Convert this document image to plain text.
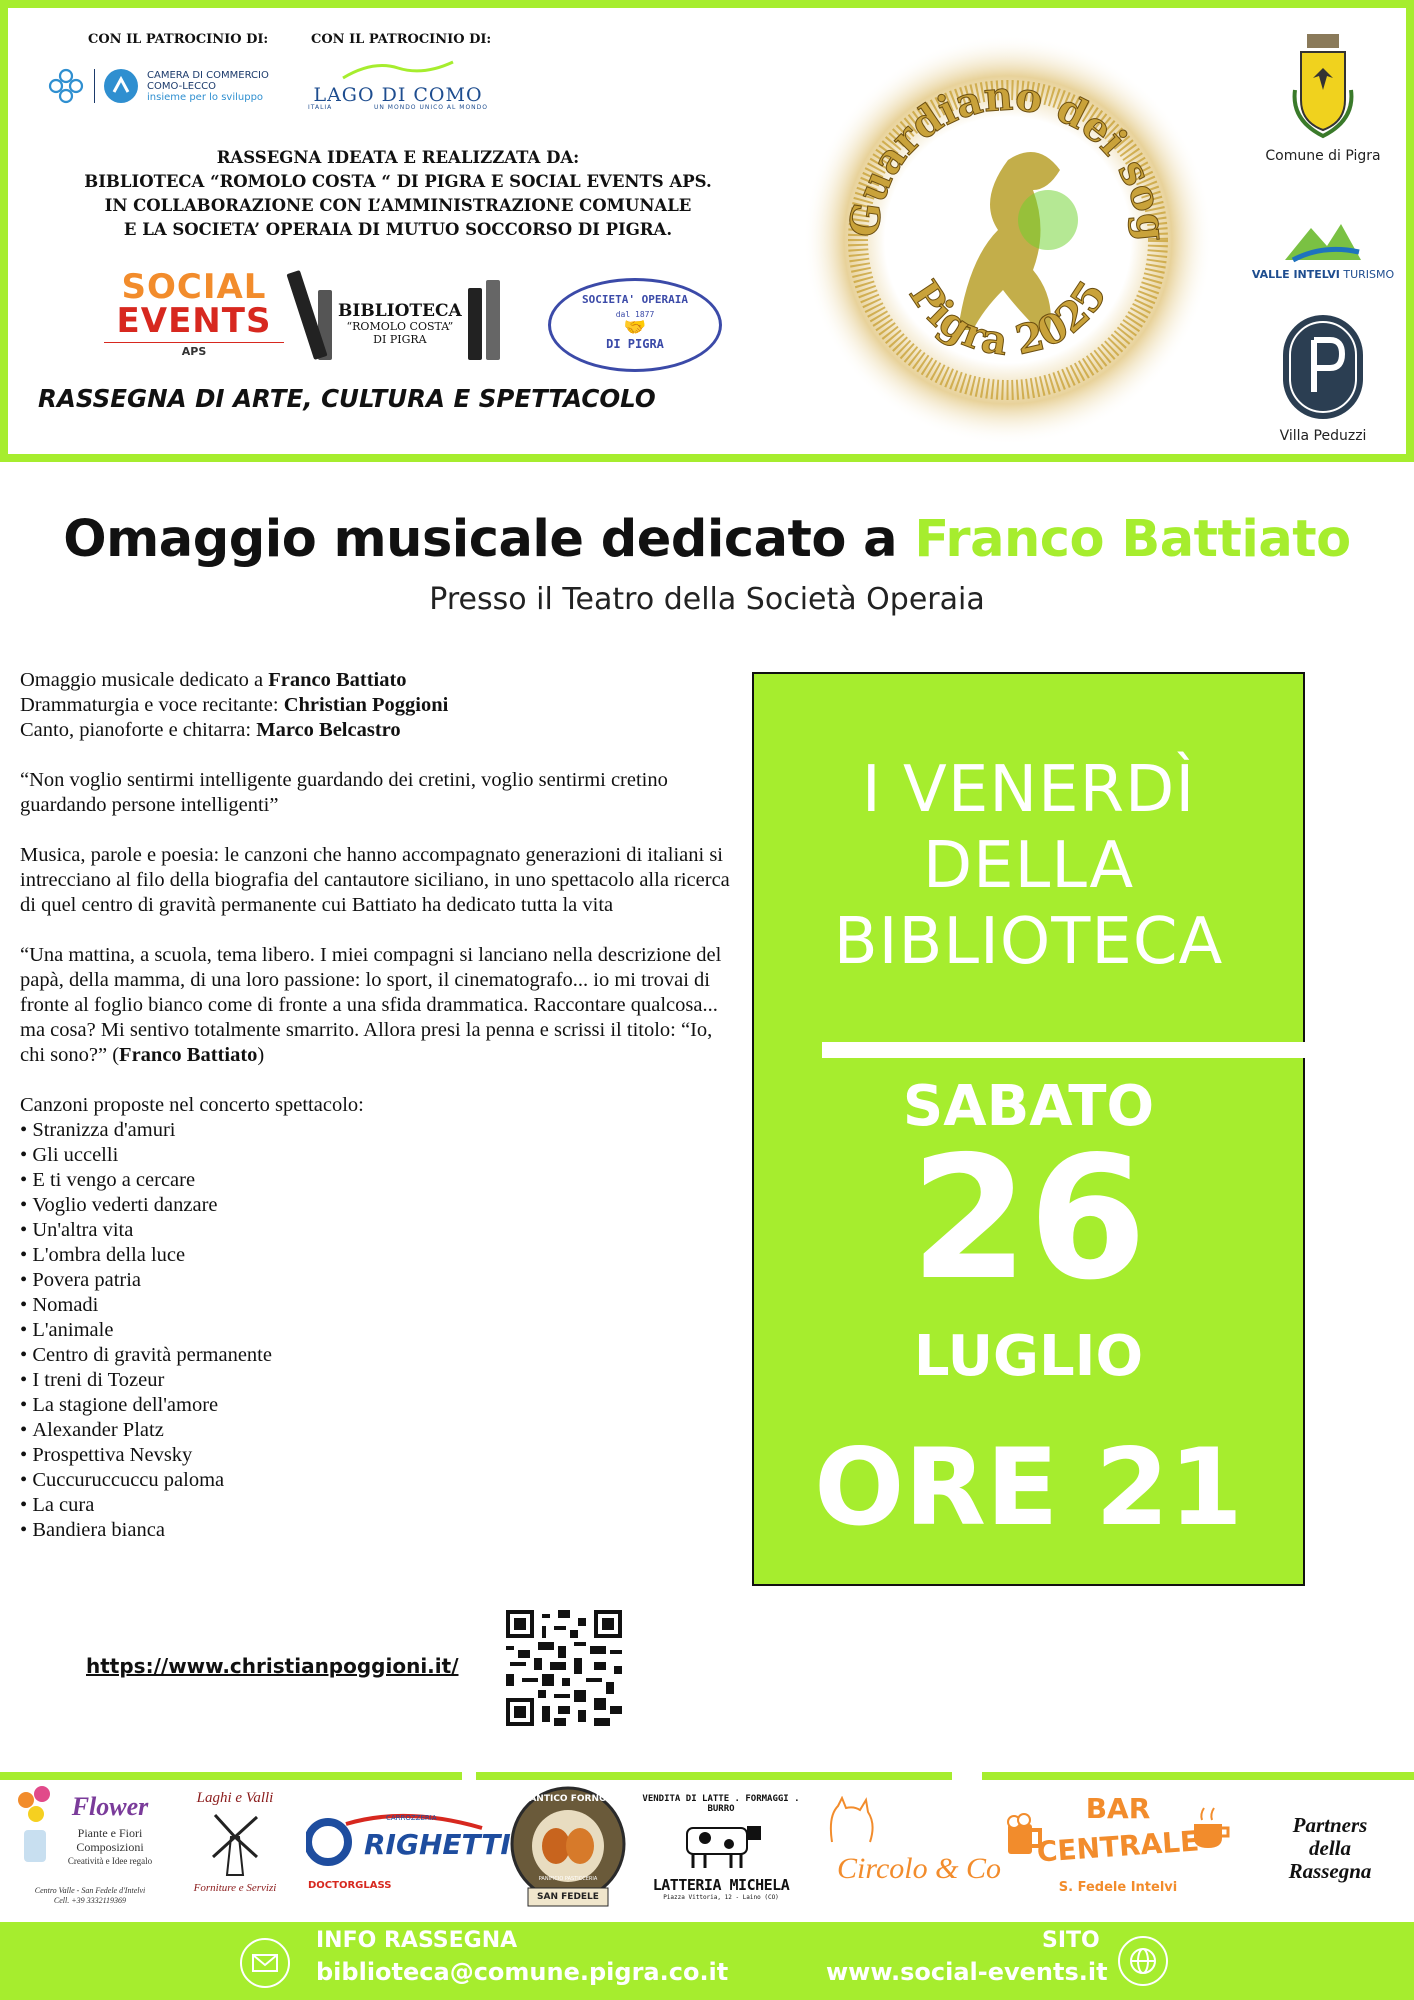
CON IL PATROCINIO DI:	CON IL PATROCINIO DI:
CAMERA DI COMMERCIO
COMO-LECCO
insieme per lo sviluppo	LAGO DI COMO
ITALIA	UN MONDO UNICO AL MONDO
RASSEGNA IDEATA E REALIZZATA DA:
BIBLIOTECA “ROMOLO COSTA “ DI PIGRA E SOCIAL EVENTS APS.
IN COLLABORAZIONE CON L’AMMINISTRAZIONE COMUNALE
E LA SOCIETA’ OPERAIA DI MUTUO SOCCORSO DI PIGRA.
SOCIAL
EVENTS
APS
BIBLIOTECA
“ROMOLO COSTA”
DI PIGRA
SOCIETA' OPERAIA
dal 1877
🤝
DI PIGRA
RASSEGNA DI ARTE, CULTURA E SPETTACOLO
Guardiano dei sog
Pigra 2025
Comune di Pigra
VALLE INTELVI TURISMO
Villa Peduzzi
Omaggio musicale dedicato a Franco Battiato
Presso il Teatro della Società Operaia

Omaggio musicale dedicato a Franco Battiato
Drammaturgia e voce recitante: Christian Poggioni
Canto, pianoforte e chitarra: Marco Belcastro

“Non voglio sentirmi intelligente guardando dei cretini, voglio sentirmi cretino guardando persone intelligenti”

Musica, parole e poesia: le canzoni che hanno accompagnato generazioni di italiani si intrecciano al filo della biografia del cantautore siciliano, in uno spettacolo alla ricerca di quel centro di gravità permanente cui Battiato ha dedicato tutta la vita

“Una mattina, a scuola, tema libero. I miei compagni si lanciano nella descrizione del papà, della mamma, di una loro passione: lo sport, il cinematografo... io mi trovai di fronte al foglio bianco come di fronte a una sfida drammatica. Raccontare qualcosa... ma cosa? Mi sentivo totalmente smarrito. Allora presi la penna e scrissi il titolo: “Io, chi sono?” (Franco Battiato)

Canzoni proposte nel concerto spettacolo:
• Stranizza d'amuri
• Gli uccelli
• E ti vengo a cercare
• Voglio vederti danzare
• Un'altra vita
• L'ombra della luce
• Povera patria
• Nomadi
• L'animale
• Centro di gravità permanente
• I treni di Tozeur
• La stagione dell'amore
• Alexander Platz
• Prospettiva Nevsky
• Cuccuruccuccu paloma
• La cura
• Bandiera bianca
I VENERDÌ
DELLA
BIBLIOTECA
SABATO
26
LUGLIO
ORE 21
https://www.christianpoggioni.it/
Flower
Piante e Fiori
Composizioni
Creatività e Idee regalo
Centro Valle - San Fedele d'Intelvi
Cell. +39 3332119369
Laghi e Valli
Forniture e Servizi
CARROZZERIA
RIGHETTI
DOCTORGLASS
ANTICO FORNO
PANIFICIO PASTICCERIA
SAN FEDELE
VENDITA DI LATTE . FORMAGGI . BURRO
LATTERIA MICHELA
Piazza Vittoria, 12 - Laino (CO)
Circolo & Co
BAR
CENTRALE
S. Fedele Intelvi
Partners
della
Rassegna
INFO RASSEGNA
biblioteca@comune.pigra.co.it
SITO
www.social-events.it
